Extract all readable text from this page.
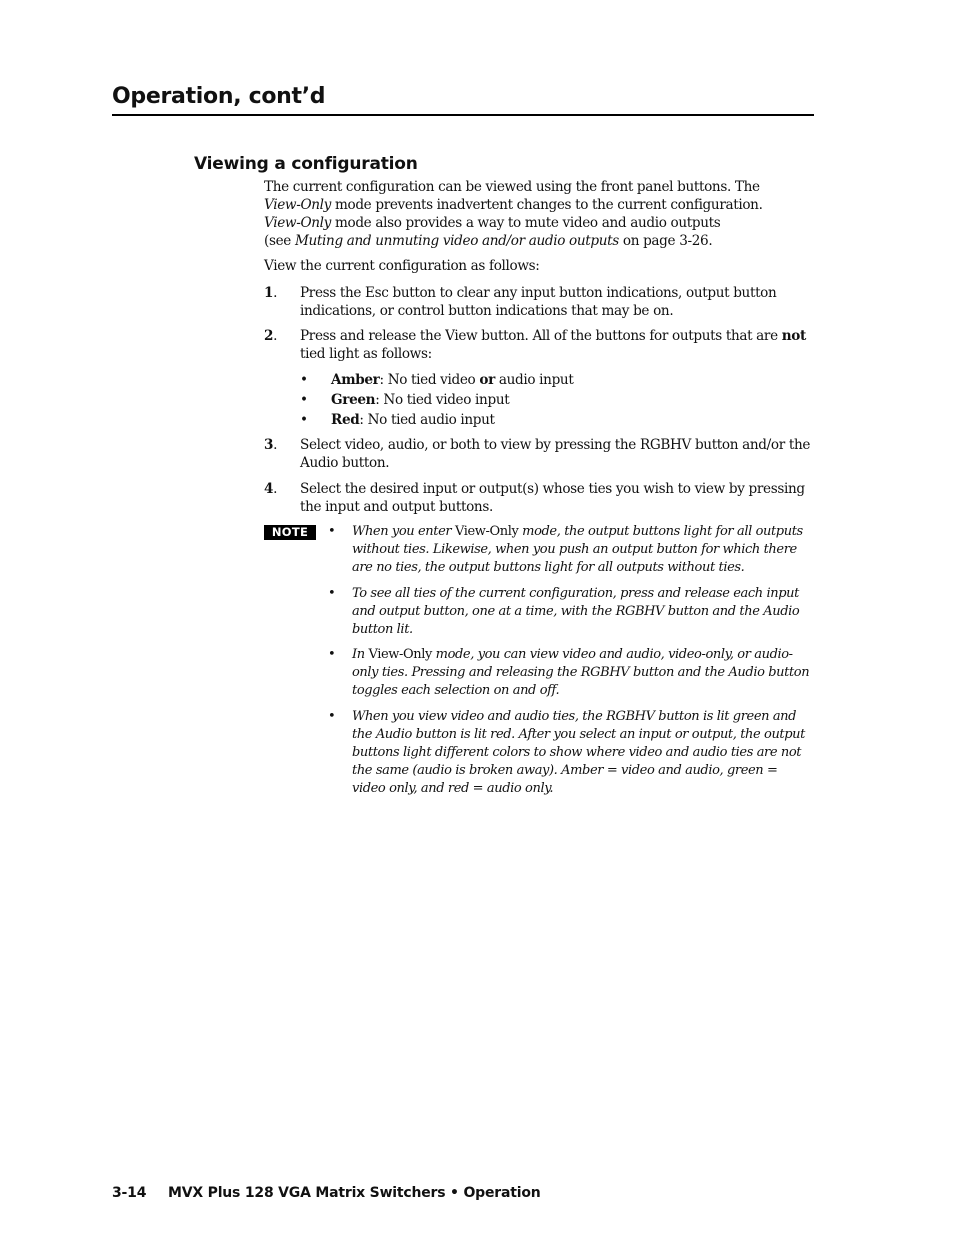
Operation, cont’d
Viewing a configuration
The current configuration can be viewed using the front panel buttons. The
View-Only mode prevents inadvertent changes to the current configuration.
View-Only mode also provides a way to mute video and audio outputs
(see Muting and unmuting video and/or audio outputs on page 3-26.
View the current configuration as follows:
1. Press the Esc button to clear any input button indications, output button indications, or control button indications that may be on.
2. Press and release the View button. All of the buttons for outputs that are not tied light as follows:
• Amber: No tied video or audio input
• Green: No tied video input
• Red: No tied audio input
3. Select video, audio, or both to view by pressing the RGBHV button and/or the Audio button.
4. Select the desired input or output(s) whose ties you wish to view by pressing the input and output buttons.
NOTE	• When you enter View-Only mode, the output buttons light for all outputs without ties. Likewise, when you push an output button for which there are no ties, the output buttons light for all outputs without ties.
• To see all ties of the current configuration, press and release each input and output button, one at a time, with the RGBHV button and the Audio button lit.
• In View-Only mode, you can view video and audio, video-only, or audio-only ties. Pressing and releasing the RGBHV button and the Audio button toggles each selection on and off.
• When you view video and audio ties, the RGBHV button is lit green and the Audio button is lit red. After you select an input or output, the output buttons light different colors to show where video and audio ties are not the same (audio is broken away). Amber = video and audio, green = video only, and red = audio only.
3-14 MVX Plus 128 VGA Matrix Switchers • Operation
